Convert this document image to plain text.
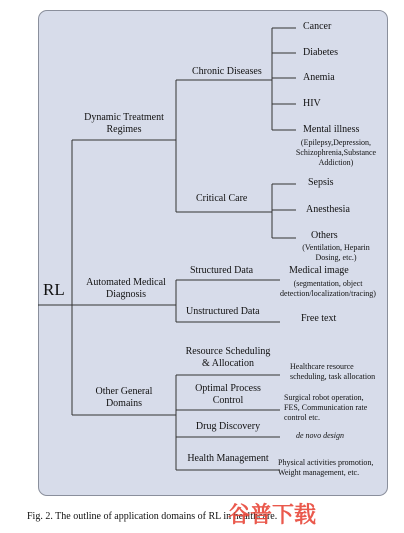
RL
Dynamic Treatment
Regimes
Automated Medical
Diagnosis
Other General
Domains
Chronic Diseases
Critical Care
Cancer
Diabetes
Anemia
HIV
Mental illness
(Epilepsy,Depression,
Schizophrenia,Substance
Addiction)
Sepsis
Anesthesia
Others
(Ventilation, Heparin
Dosing, etc.)
Structured Data
Unstructured Data
Medical image
(segmentation, object
detection/localization/tracing)
Free text
Resource Scheduling
& Allocation
Optimal Process
Control
Drug Discovery
Health Management
Healthcare resource
scheduling, task allocation
Surgical robot operation,
FES, Communication rate
control etc.
de novo design
Physical activities promotion,
Weight management, etc.
Fig. 2. The outline of application domains of RL in healthcare.
谷普下载
